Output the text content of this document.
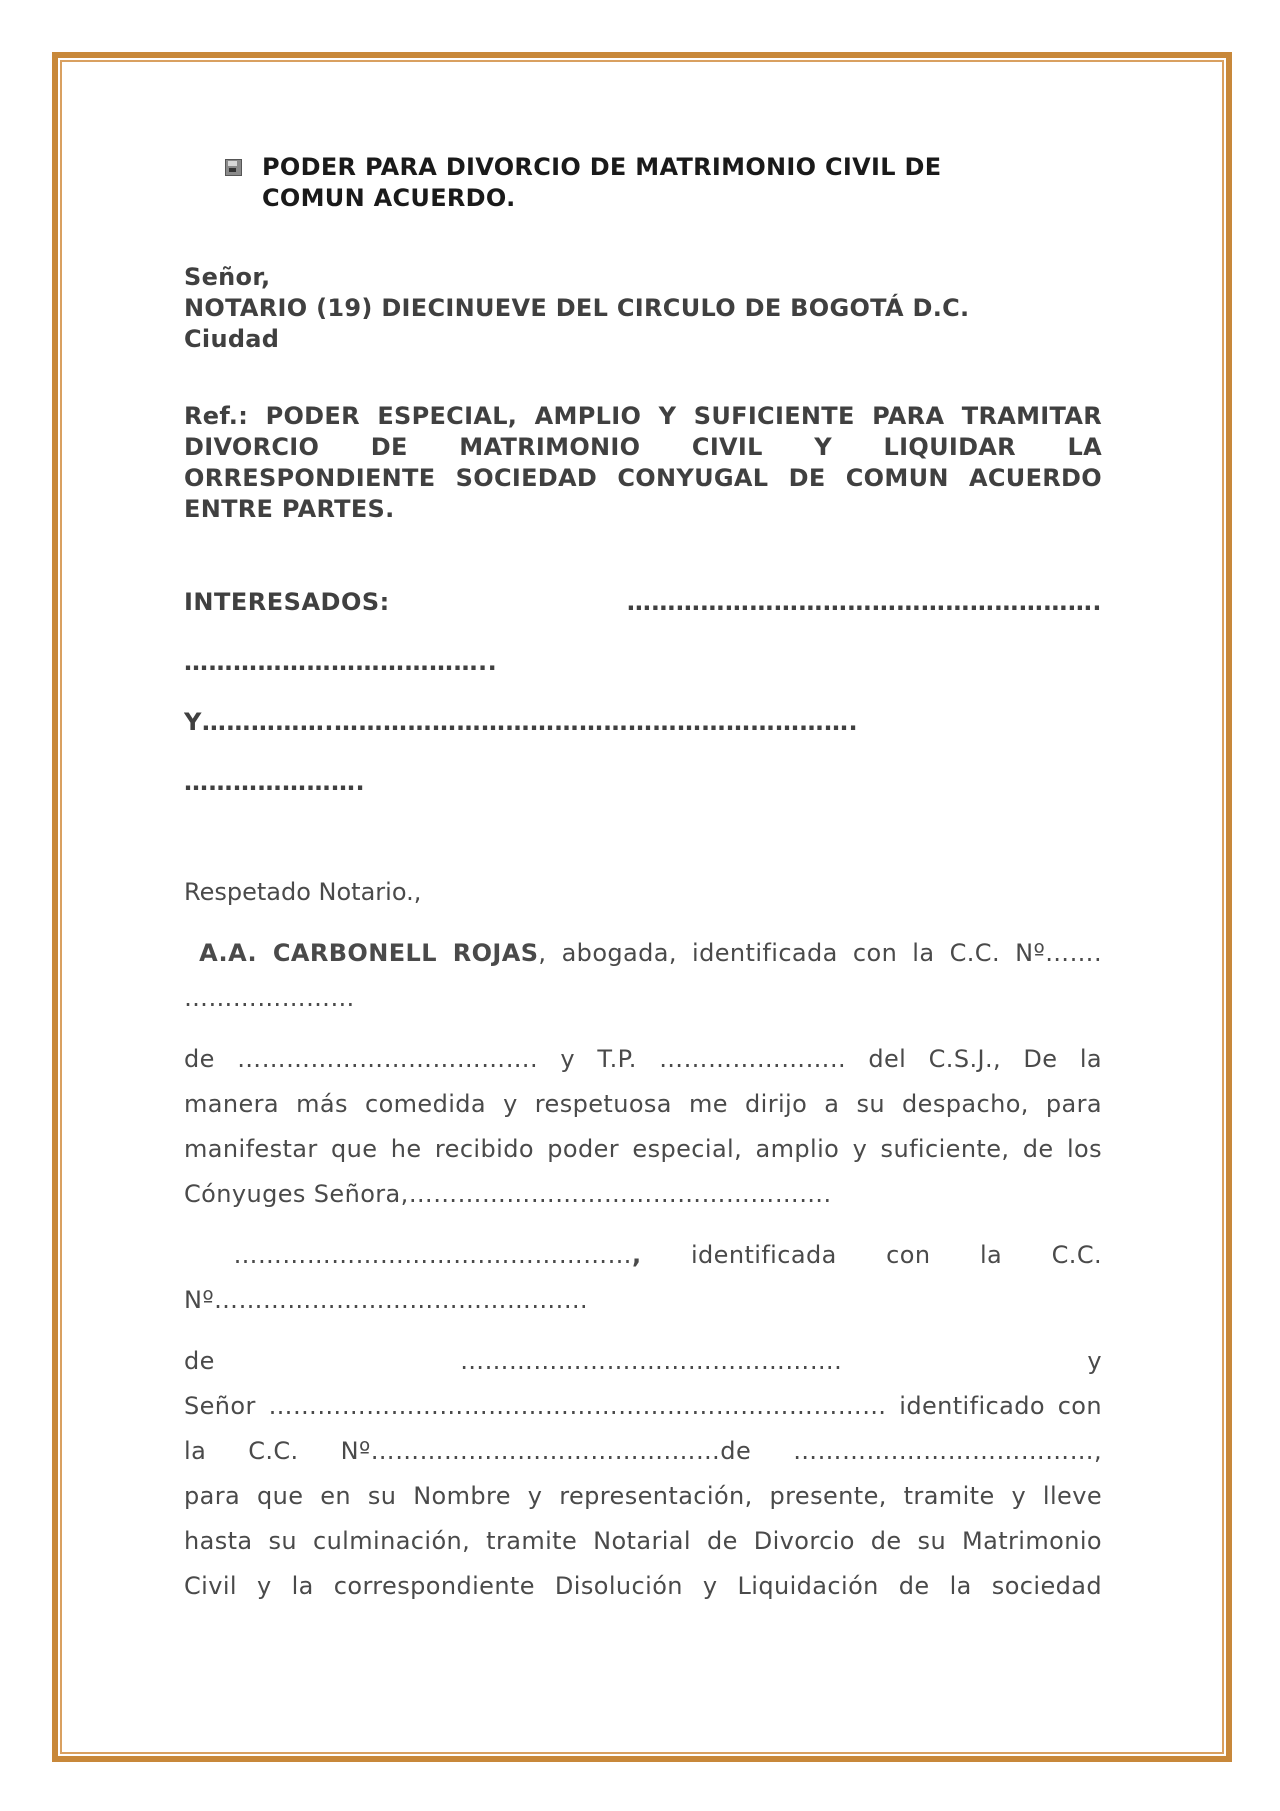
PODER PARA DIVORCIO DE MATRIMONIO CIVIL DE
COMUN ACUERDO.
Señor,
NOTARIO (19) DIECINUEVE DEL CIRCULO DE BOGOTÁ D.C.
Ciudad
Ref.: PODER ESPECIAL, AMPLIO Y SUFICIENTE PARA TRAMITAR
DIVORCIO DE MATRIMONIO CIVIL Y LIQUIDAR LA
ORRESPONDIENTE SOCIEDAD CONYUGAL DE COMUN ACUERDO
ENTRE PARTES.
INTERESADOS:	………………………………………………….
………………………………..
Y…………….……………………………………………………….
………………….
Respetado Notario.,
A.A. CARBONELL ROJAS, abogada, identificada con la C.C. Nº…….
…………………
de ………………………………. y T.P. ………………….. del C.S.J., De la
manera más comedida y respetuosa me dirijo a su despacho, para
manifestar que he recibido poder especial, amplio y suficiente, de los
Cónyuges Señora,…………………………………………….
………………………….………………, identificada con la C.C.
Nº…………………………………….…
de	………………….…………………….	y
Señor ………………………….……………………………………… identificado con
la C.C. Nº……………………………….……de ………….……………………,
para que en su Nombre y representación, presente, tramite y lleve
hasta su culminación, tramite Notarial de Divorcio de su Matrimonio
Civil y la correspondiente Disolución y Liquidación de la sociedad
